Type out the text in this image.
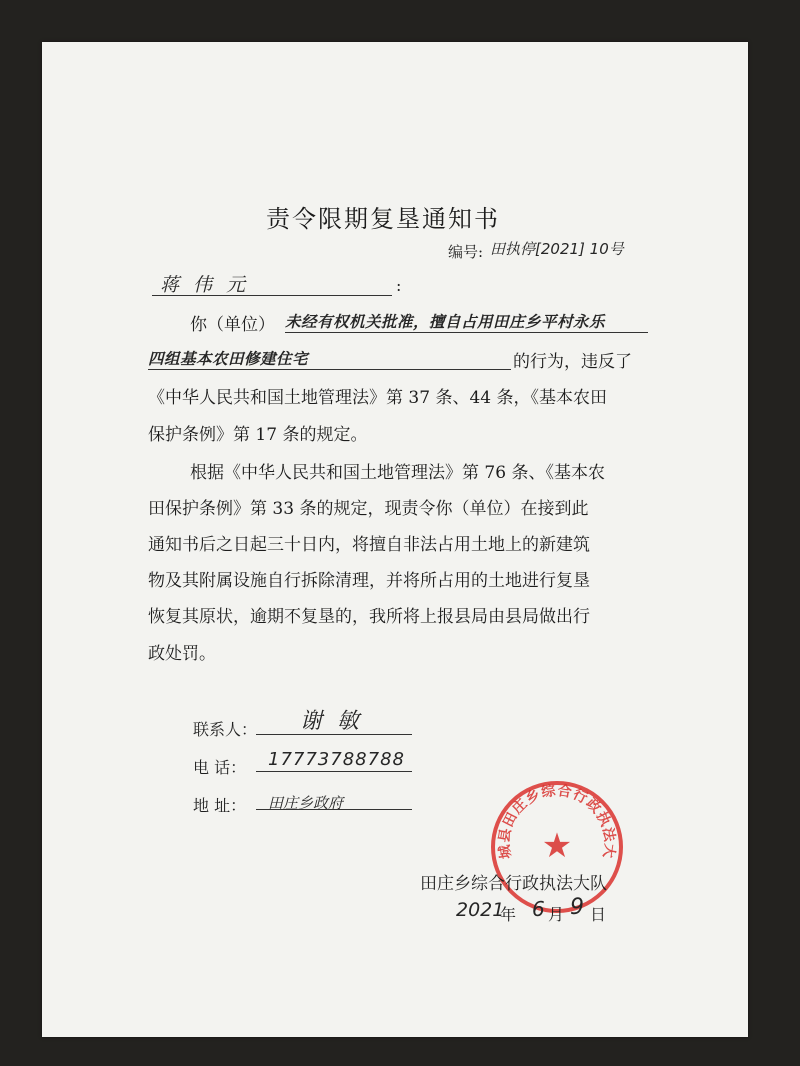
责令限期复垦通知书
编号: 田执停[2021] 10号
蒋 伟 元	:
你（单位） 未经有权机关批准，擅自占用田庄乡平村永乐
四组基本农田修建住宅	的行为，违反了
《中华人民共和国土地管理法》第 37 条、44 条，《基本农田
保护条例》第 17 条的规定。
根据《中华人民共和国土地管理法》第 76 条、《基本农
田保护条例》第 33 条的规定，现责令你（单位）在接到此
通知书后之日起三十日内，将擅自非法占用土地上的新建筑
物及其附属设施自行拆除清理，并将所占用的土地进行复垦
恢复其原状，逾期不复垦的，我所将上报县局由县局做出行
政处罚。
联系人： 谢 敏
电 话： 17773788788
地 址： 田庄乡政府
城县田庄乡综合行政执法大
★
田庄乡综合行政执法大队
2021
年 6 月 9 日
